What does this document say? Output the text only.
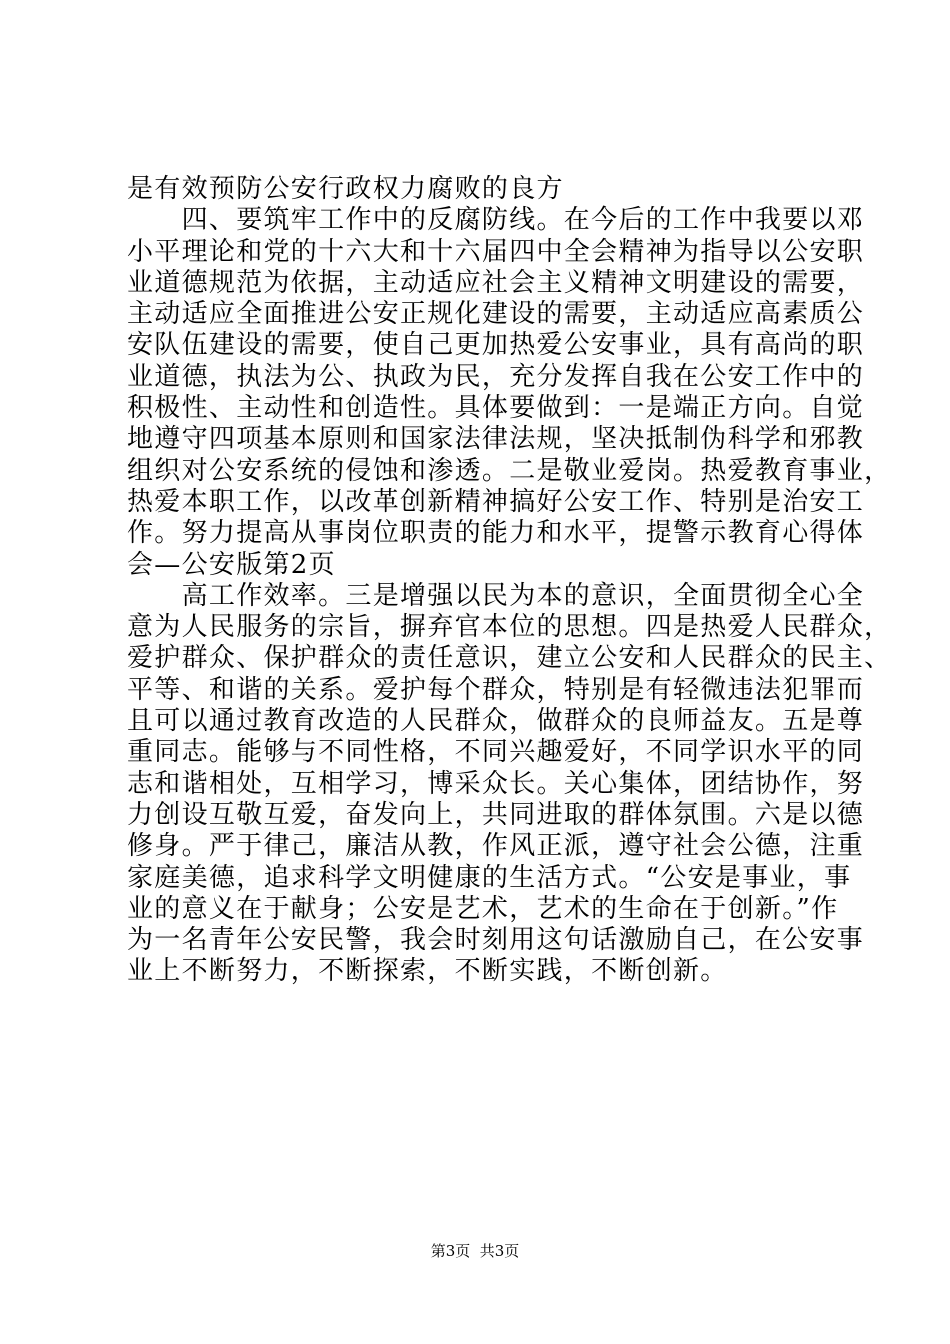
是有效预防公安行政权力腐败的良方
　　四、要筑牢工作中的反腐防线。在今后的工作中我要以邓
小平理论和党的十六大和十六届四中全会精神为指导以公安职
业道德规范为依据，主动适应社会主义精神文明建设的需要，
主动适应全面推进公安正规化建设的需要，主动适应高素质公
安队伍建设的需要，使自己更加热爱公安事业，具有高尚的职
业道德，执法为公、执政为民，充分发挥自我在公安工作中的
积极性、主动性和创造性。具体要做到：一是端正方向。自觉
地遵守四项基本原则和国家法律法规，坚决抵制伪科学和邪教
组织对公安系统的侵蚀和渗透。二是敬业爱岗。热爱教育事业，
热爱本职工作，以改革创新精神搞好公安工作、特别是治安工
作。努力提高从事岗位职责的能力和水平，提警示教育心得体
会—公安版第2页
　　高工作效率。三是增强以民为本的意识，全面贯彻全心全
意为人民服务的宗旨，摒弃官本位的思想。四是热爱人民群众，
爱护群众、保护群众的责任意识，建立公安和人民群众的民主、
平等、和谐的关系。爱护每个群众，特别是有轻微违法犯罪而
且可以通过教育改造的人民群众，做群众的良师益友。五是尊
重同志。能够与不同性格，不同兴趣爱好，不同学识水平的同
志和谐相处，互相学习，博采众长。关心集体，团结协作，努
力创设互敬互爱，奋发向上，共同进取的群体氛围。六是以德
修身。严于律己，廉洁从教，作风正派，遵守社会公德，注重
家庭美德，追求科学文明健康的生活方式。“公安是事业，事
业的意义在于献身；公安是艺术，艺术的生命在于创新。”作
为一名青年公安民警，我会时刻用这句话激励自己，在公安事
业上不断努力，不断探索，不断实践，不断创新。
第3页  共3页
